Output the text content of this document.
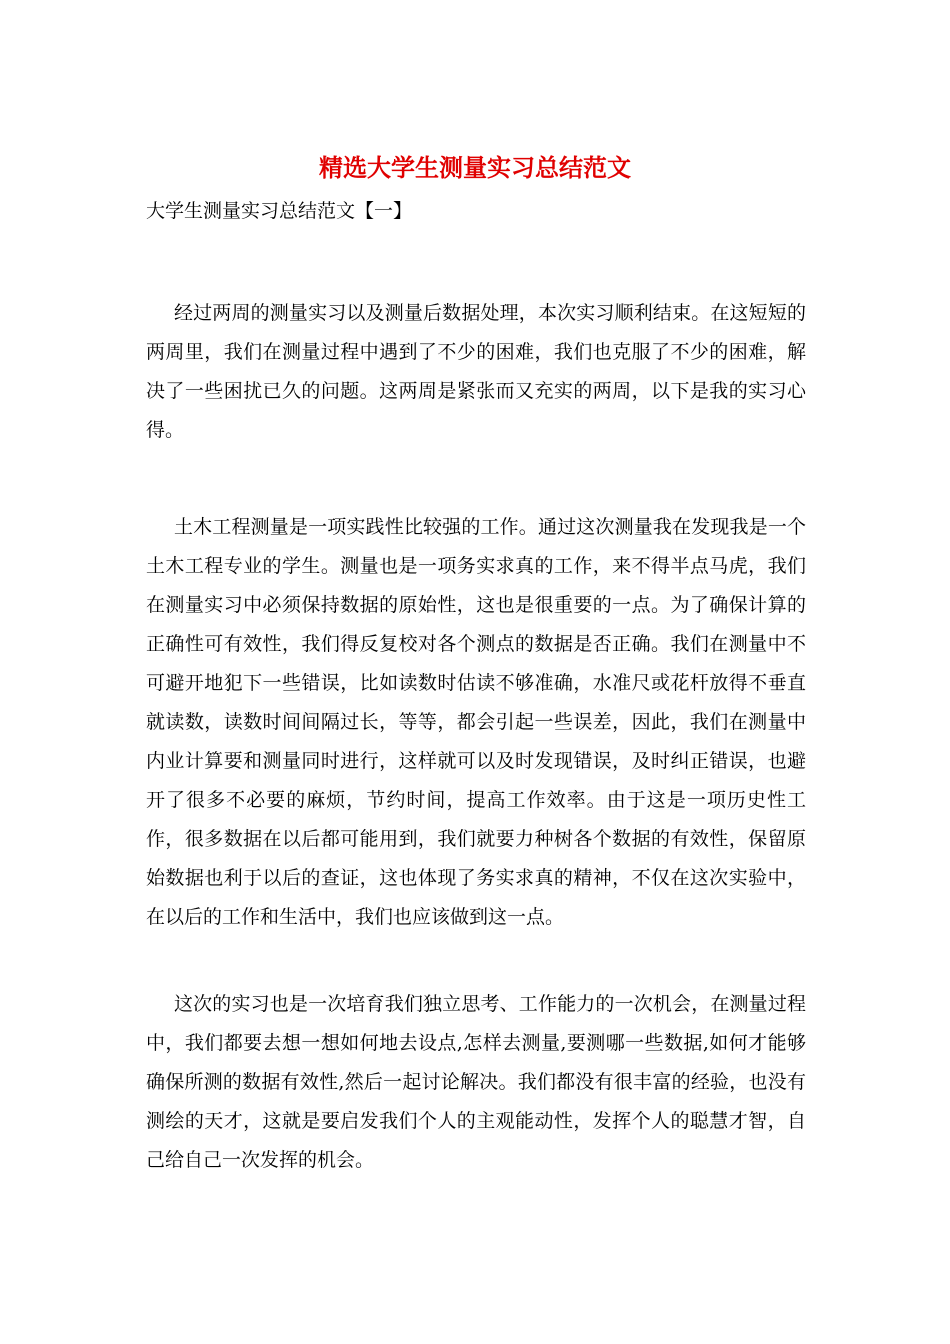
精选大学生测量实习总结范文

大学生测量实习总结范文【一】

经过两周的测量实习以及测量后数据处理，本次实习顺利结束。在这短短的两周里，我们在测量过程中遇到了不少的困难，我们也克服了不少的困难，解决了一些困扰已久的问题。这两周是紧张而又充实的两周，以下是我的实习心得。

土木工程测量是一项实践性比较强的工作。通过这次测量我在发现我是一个土木工程专业的学生。测量也是一项务实求真的工作，来不得半点马虎，我们在测量实习中必须保持数据的原始性，这也是很重要的一点。为了确保计算的正确性可有效性，我们得反复校对各个测点的数据是否正确。我们在测量中不可避开地犯下一些错误，比如读数时估读不够准确，水准尺或花杆放得不垂直就读数，读数时间间隔过长，等等，都会引起一些误差，因此，我们在测量中内业计算要和测量同时进行，这样就可以及时发现错误，及时纠正错误，也避开了很多不必要的麻烦，节约时间，提高工作效率。由于这是一项历史性工作，很多数据在以后都可能用到，我们就要力种树各个数据的有效性，保留原始数据也利于以后的查证，这也体现了务实求真的精神，不仅在这次实验中，在以后的工作和生活中，我们也应该做到这一点。

这次的实习也是一次培育我们独立思考、工作能力的一次机会，在测量过程中，我们都要去想一想如何地去设点,怎样去测量,要测哪一些数据,如何才能够确保所测的数据有效性,然后一起讨论解决。我们都没有很丰富的经验，也没有测绘的天才，这就是要启发我们个人的主观能动性，发挥个人的聪慧才智，自己给自己一次发挥的机会。
